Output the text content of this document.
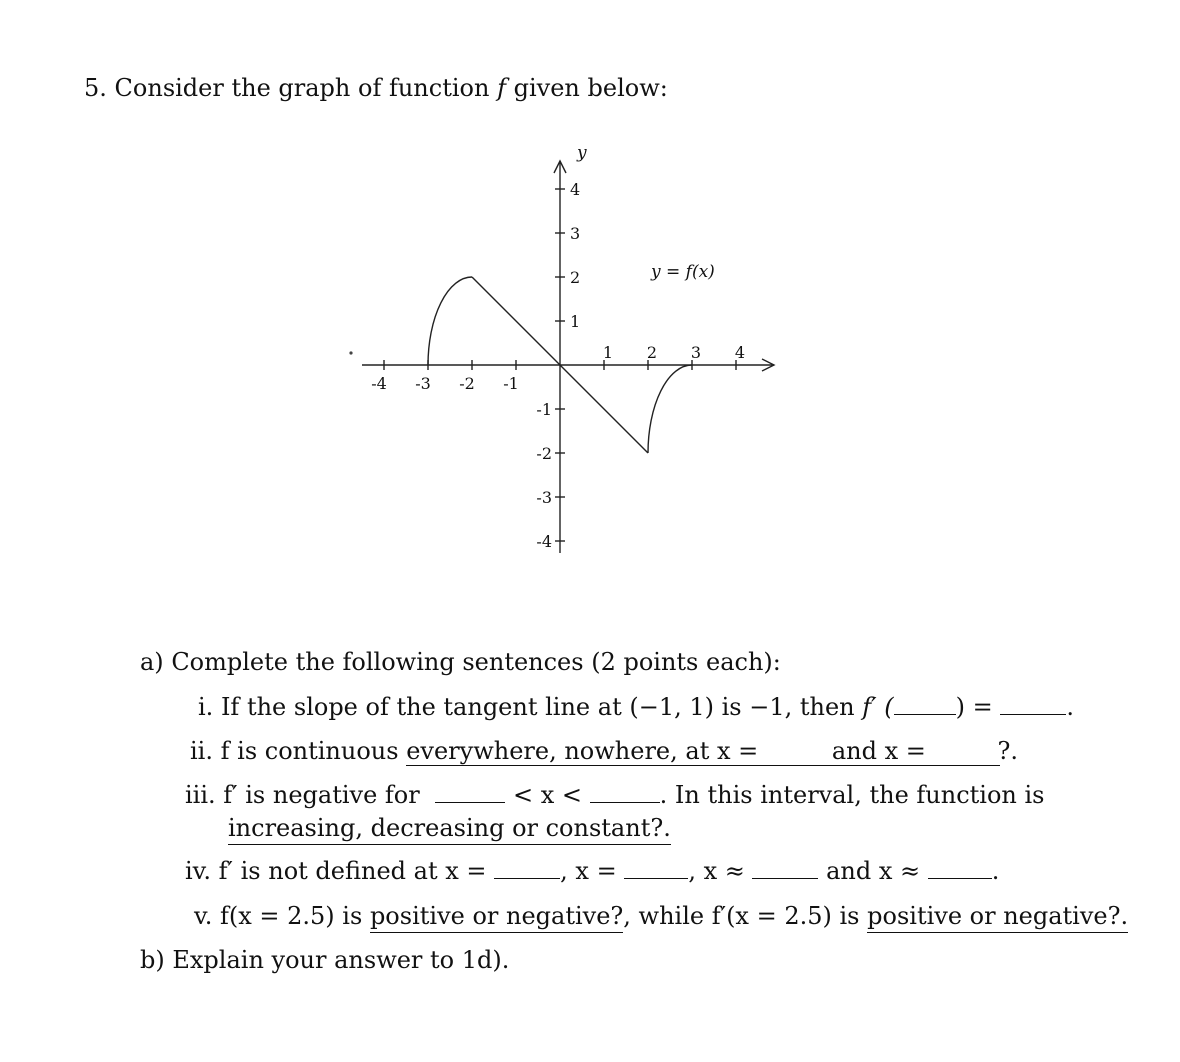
5. Consider the graph of function f given below:
-4 -3 -2 -1
1 2 3 4
4
3
2
1
-1
-2
-3
-4
y
y = f(x)
a) Complete the following sentences (2 points each):
i. If the slope of the tangent line at (−1, 1) is −1, then f′ (	) =	.
ii. f is continuous everywhere, nowhere, at x =	and x =	?.
iii. f′ is negative for	< x <	. In this interval, the function is
increasing, decreasing or constant?.
iv. f′ is not defined at x =	, x =	, x ≈	and x ≈	.
v. f(x = 2.5) is positive or negative?, while f′(x = 2.5) is positive or negative?.
b) Explain your answer to 1d).
